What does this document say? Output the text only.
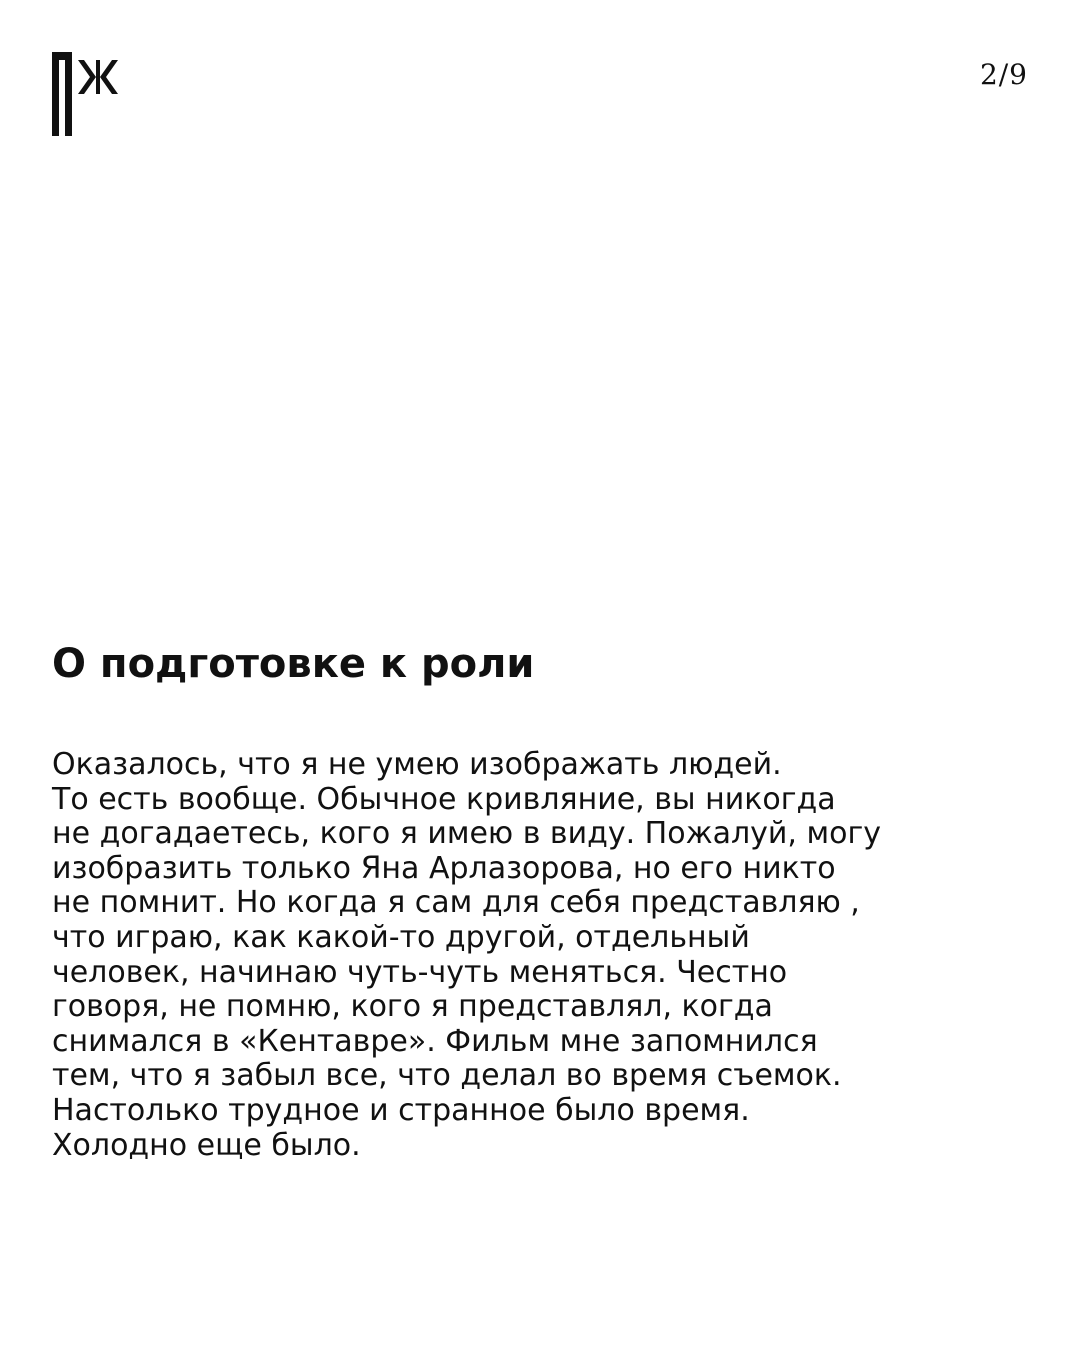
2/9
О подготовке к роли

Оказалось, что я не умею изображать людей.
То есть вообще. Обычное кривляние, вы никогда
не догадаетесь, кого я имею в виду. Пожалуй, могу
изобразить только Яна Арлазорова, но его никто
не помнит. Но когда я сам для себя представляю ,
что играю, как какой-то другой, отдельный
человек, начинаю чуть-чуть меняться. Честно
говоря, не помню, кого я представлял, когда
снимался в «Кентавре». Фильм мне запомнился
тем, что я забыл все, что делал во время съемок.
Настолько трудное и странное было время.
Холодно еще было.
